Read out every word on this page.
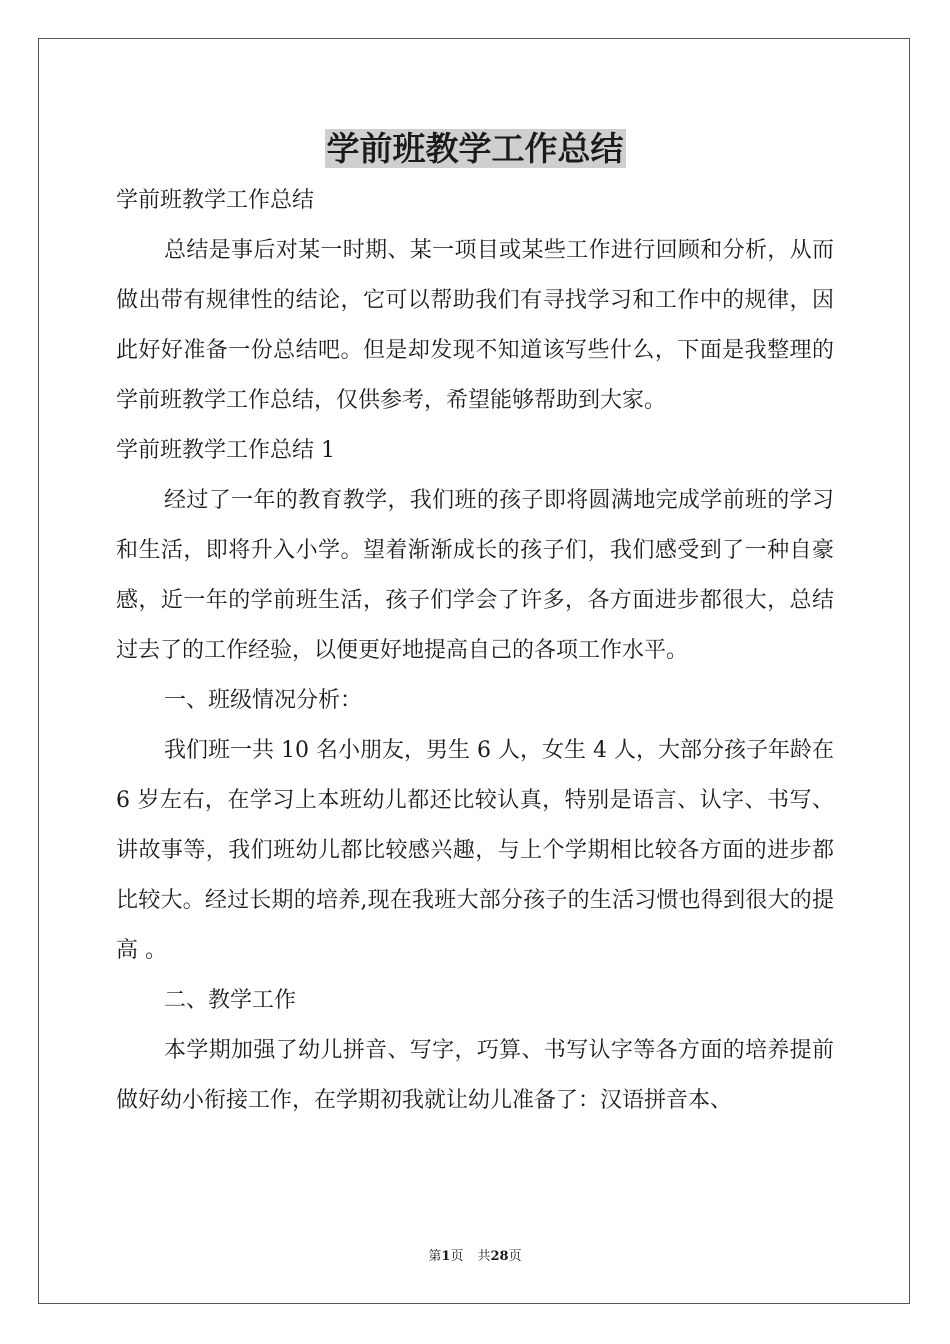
学前班教学工作总结

学前班教学工作总结

总结是事后对某一时期、某一项目或某些工作进行回顾和分析，从而做出带有规律性的结论，它可以帮助我们有寻找学习和工作中的规律，因此好好准备一份总结吧。但是却发现不知道该写些什么，下面是我整理的学前班教学工作总结，仅供参考，希望能够帮助到大家。

学前班教学工作总结 1

经过了一年的教育教学，我们班的孩子即将圆满地完成学前班的学习和生活，即将升入小学。望着渐渐成长的孩子们，我们感受到了一种自豪感，近一年的学前班生活，孩子们学会了许多，各方面进步都很大，总结过去了的工作经验，以便更好地提高自己的各项工作水平。

一、班级情况分析：

我们班一共 10 名小朋友，男生 6 人，女生 4 人，大部分孩子年龄在 6 岁左右，在学习上本班幼儿都还比较认真，特别是语言、认字、书写、讲故事等，我们班幼儿都比较感兴趣，与上个学期相比较各方面的进步都比较大。经过长期的培养,现在我班大部分孩子的生活习惯也得到很大的提高 。

二、教学工作

本学期加强了幼儿拼音、写字，巧算、书写认字等各方面的培养提前做好幼小衔接工作，在学期初我就让幼儿准备了：汉语拼音本、

第1页 共28页
